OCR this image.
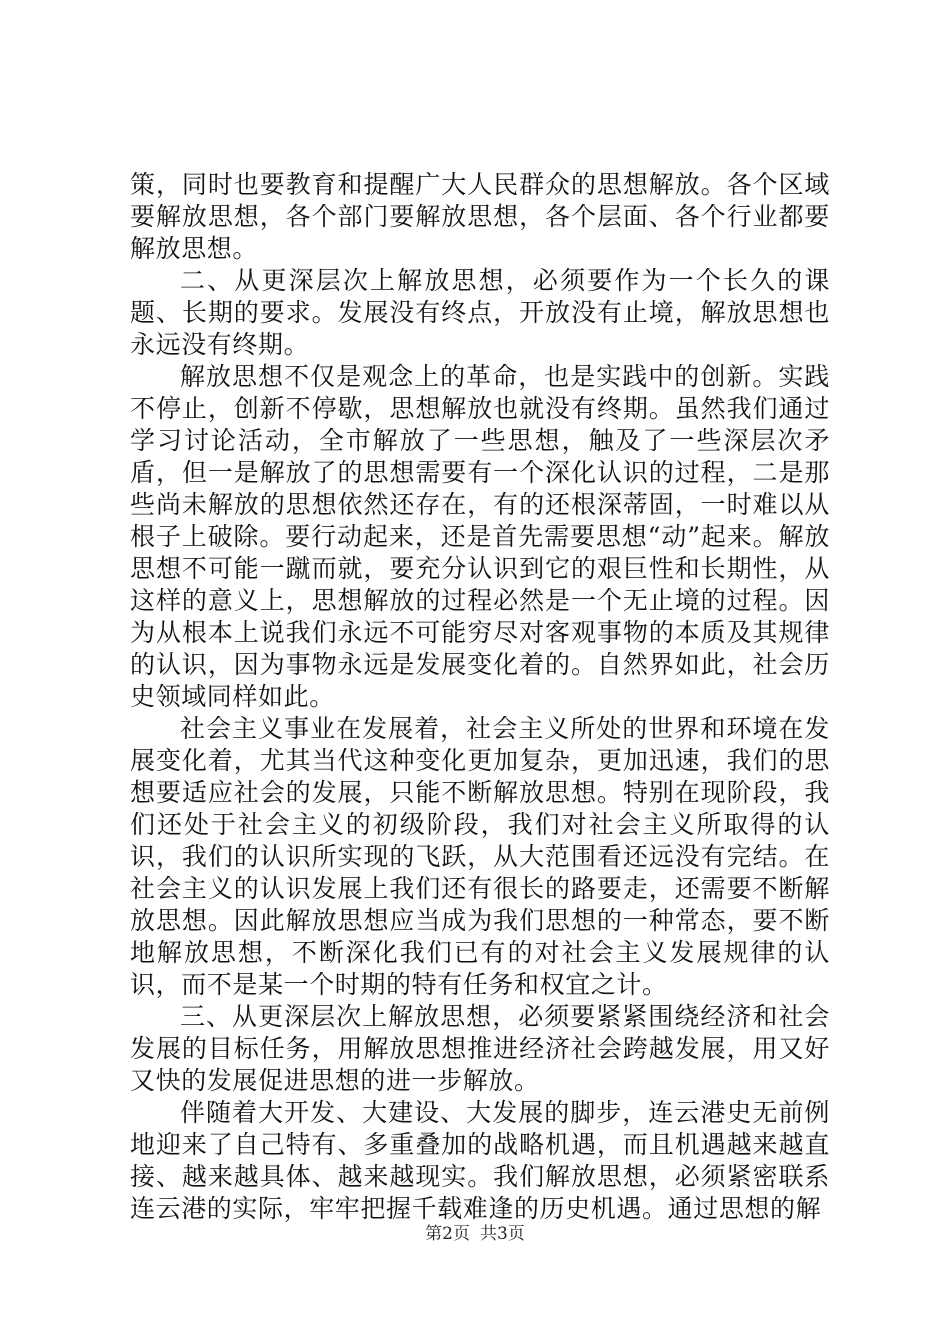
策，同时也要教育和提醒广大人民群众的思想解放。各个区域要解放思想，各个部门要解放思想，各个层面、各个行业都要解放思想。

二、从更深层次上解放思想，必须要作为一个长久的课题、长期的要求。发展没有终点，开放没有止境，解放思想也永远没有终期。

解放思想不仅是观念上的革命，也是实践中的创新。实践不停止，创新不停歇，思想解放也就没有终期。虽然我们通过学习讨论活动，全市解放了一些思想，触及了一些深层次矛盾，但一是解放了的思想需要有一个深化认识的过程，二是那些尚未解放的思想依然还存在，有的还根深蒂固，一时难以从根子上破除。要行动起来，还是首先需要思想“动”起来。解放思想不可能一蹴而就，要充分认识到它的艰巨性和长期性，从这样的意义上，思想解放的过程必然是一个无止境的过程。因为从根本上说我们永远不可能穷尽对客观事物的本质及其规律的认识，因为事物永远是发展变化着的。自然界如此，社会历史领域同样如此。

社会主义事业在发展着，社会主义所处的世界和环境在发展变化着，尤其当代这种变化更加复杂，更加迅速，我们的思想要适应社会的发展，只能不断解放思想。特别在现阶段，我们还处于社会主义的初级阶段，我们对社会主义所取得的认识，我们的认识所实现的飞跃，从大范围看还远没有完结。在社会主义的认识发展上我们还有很长的路要走，还需要不断解放思想。因此解放思想应当成为我们思想的一种常态，要不断地解放思想，不断深化我们已有的对社会主义发展规律的认识，而不是某一个时期的特有任务和权宜之计。

三、从更深层次上解放思想，必须要紧紧围绕经济和社会发展的目标任务，用解放思想推进经济社会跨越发展，用又好又快的发展促进思想的进一步解放。

伴随着大开发、大建设、大发展的脚步，连云港史无前例地迎来了自己特有、多重叠加的战略机遇，而且机遇越来越直接、越来越具体、越来越现实。我们解放思想，必须紧密联系连云港的实际，牢牢把握千载难逢的历史机遇。通过思想的解

第2页 共3页
